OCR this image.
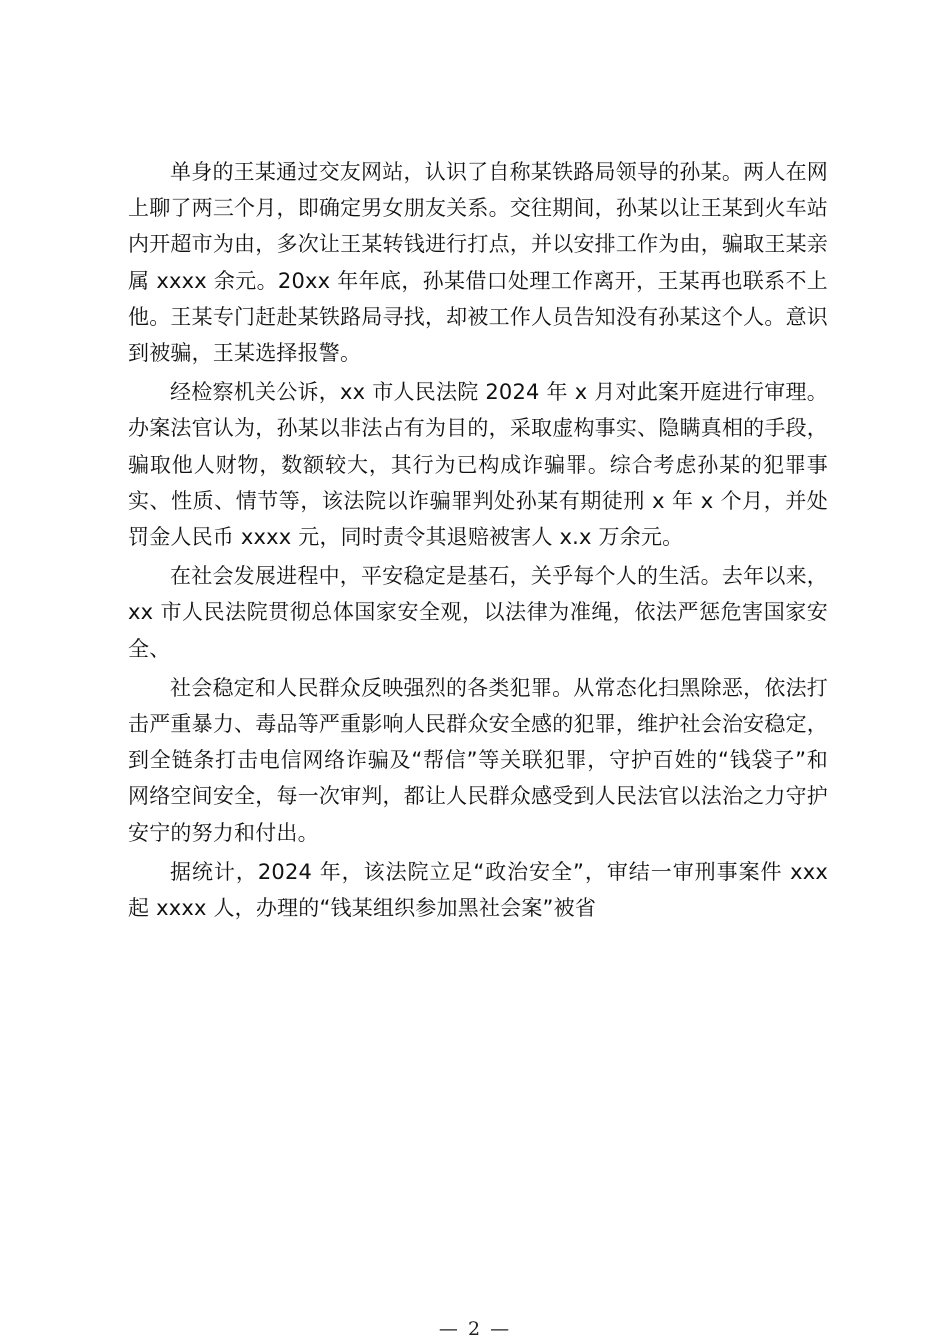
单身的王某通过交友网站，认识了自称某铁路局领导的孙某。两人在网上聊了两三个月，即确定男女朋友关系。交往期间，孙某以让王某到火车站内开超市为由，多次让王某转钱进行打点，并以安排工作为由，骗取王某亲属 xxxx 余元。20xx 年年底，孙某借口处理工作离开，王某再也联系不上他。王某专门赶赴某铁路局寻找，却被工作人员告知没有孙某这个人。意识到被骗，王某选择报警。

经检察机关公诉，xx 市人民法院 2024 年 x 月对此案开庭进行审理。办案法官认为，孙某以非法占有为目的，采取虚构事实、隐瞒真相的手段，骗取他人财物，数额较大，其行为已构成诈骗罪。综合考虑孙某的犯罪事实、性质、情节等，该法院以诈骗罪判处孙某有期徒刑 x 年 x 个月，并处罚金人民币 xxxx 元，同时责令其退赔被害人 x.x 万余元。

在社会发展进程中，平安稳定是基石，关乎每个人的生活。去年以来，xx 市人民法院贯彻总体国家安全观，以法律为准绳，依法严惩危害国家安全、

社会稳定和人民群众反映强烈的各类犯罪。从常态化扫黑除恶，依法打击严重暴力、毒品等严重影响人民群众安全感的犯罪，维护社会治安稳定，到全链条打击电信网络诈骗及“帮信”等关联犯罪，守护百姓的“钱袋子”和网络空间安全，每一次审判，都让人民群众感受到人民法官以法治之力守护安宁的努力和付出。

据统计，2024 年，该法院立足“政治安全”，审结一审刑事案件 xxx 起 xxxx 人，办理的“钱某组织参加黑社会案”被省

— 2 —
